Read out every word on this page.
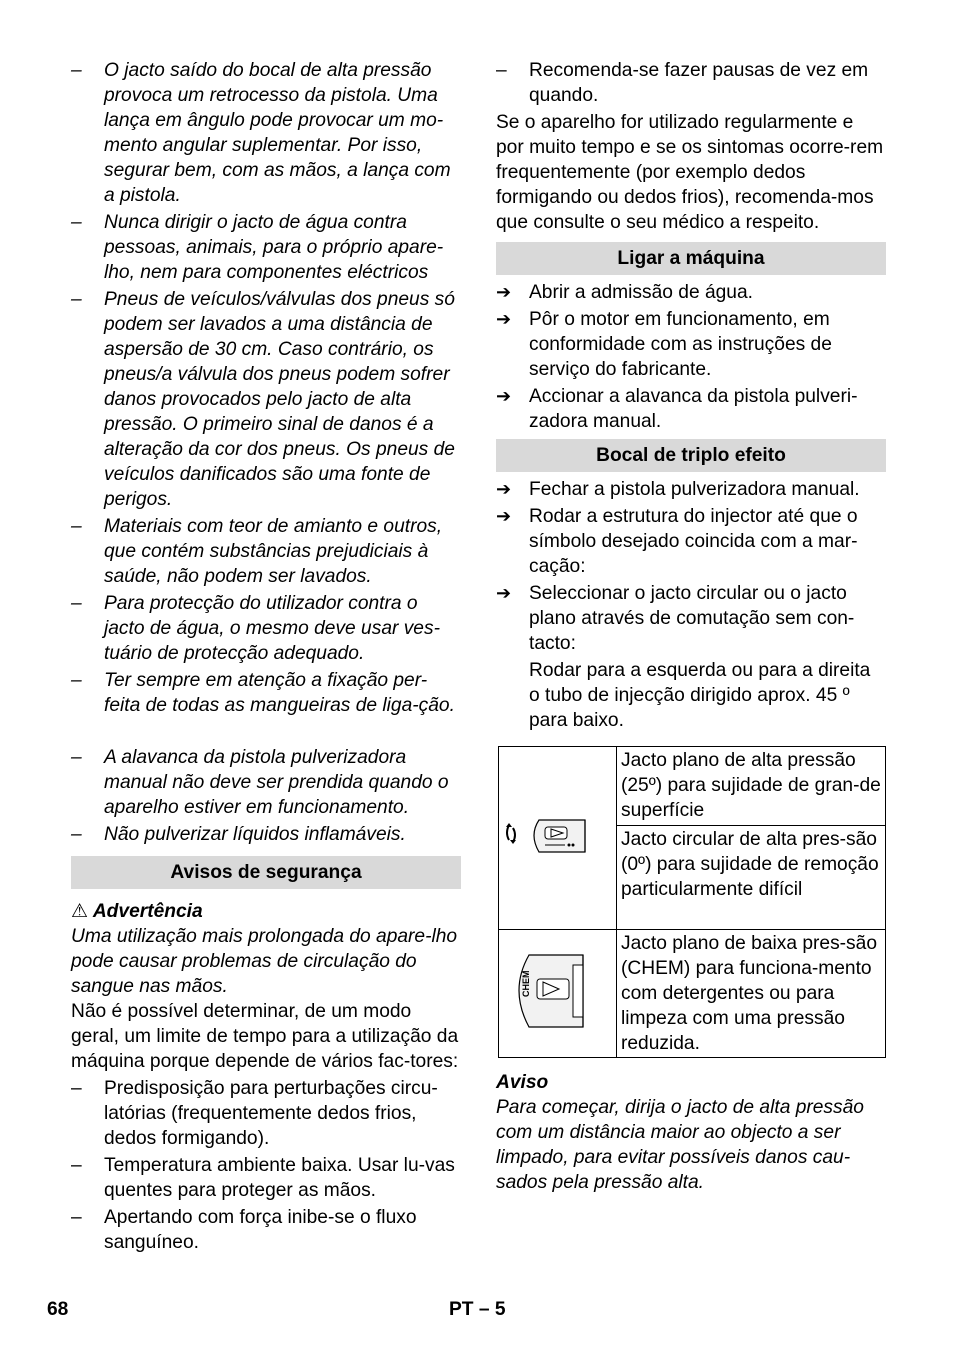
–	O jacto saído do bocal de alta pressão provoca um retrocesso da pistola. Uma lança em ângulo pode provocar um mo-mento angular suplementar. Por isso, segurar bem, com as mãos, a lança com a pistola.
–	Nunca dirigir o jacto de água contra pessoas, animais, para o próprio apare-lho, nem para componentes eléctricos
–	Pneus de veículos/válvulas dos pneus só podem ser lavados a uma distância de aspersão de 30 cm. Caso contrário, os pneus/a válvula dos pneus podem sofrer danos provocados pelo jacto de alta pressão. O primeiro sinal de danos é a alteração da cor dos pneus. Os pneus de veículos danificados são uma fonte de perigos.
–	Materiais com teor de amianto e outros, que contém substâncias prejudiciais à saúde, não podem ser lavados.
–	Para protecção do utilizador contra o jacto de água, o mesmo deve usar ves-tuário de protecção adequado.
–	Ter sempre em atenção a fixação per-feita de todas as mangueiras de liga-ção.
–	A alavanca da pistola pulverizadora manual não deve ser prendida quando o aparelho estiver em funcionamento.
–	Não pulverizar líquidos inflamáveis.
Avisos de segurança
⚠ Advertência
Uma utilização mais prolongada do apare-lho pode causar problemas de circulação do sangue nas mãos.

Não é possível determinar, de um modo geral, um limite de tempo para a utilização da máquina porque depende de vários fac-tores:

–	Predisposição para perturbações circu-latórias (frequentemente dedos frios, dedos formigando).
–	Temperatura ambiente baixa. Usar lu-vas quentes para proteger as mãos.
–	Apertando com força inibe-se o fluxo sanguíneo.
–	Recomenda-se fazer pausas de vez em quando.

Se o aparelho for utilizado regularmente e por muito tempo e se os sintomas ocorre-rem frequentemente (por exemplo dedos formigando ou dedos frios), recomenda-mos que consulte o seu médico a respeito.

Ligar a máquina
➔ Abrir a admissão de água.
➔ Pôr o motor em funcionamento, em conformidade com as instruções de serviço do fabricante.
➔ Accionar a alavanca da pistola pulveri-zadora manual.
Bocal de triplo efeito
➔ Fechar a pistola pulverizadora manual.
➔ Rodar a estrutura do injector até que o símbolo desejado coincida com a mar-cação:
➔ Seleccionar o jacto circular ou o jacto plano através de comutação sem con-tacto:
Rodar para a esquerda ou para a direita o tubo de injecção dirigido aprox. 45 º para baixo.
	Jacto plano de alta pressão (25º) para sujidade de gran-de superfície
	Jacto circular de alta pres-são (0º) para sujidade de remoção particularmente difícil

CHEM	Jacto plano de baixa pres-são (CHEM) para funciona-mento com detergentes ou para limpeza com uma pressão reduzida.
Aviso
Para começar, dirija o jacto de alta pressão com um distância maior ao objecto a ser limpado, para evitar possíveis danos cau-sados pela pressão alta.
68	PT – 5
